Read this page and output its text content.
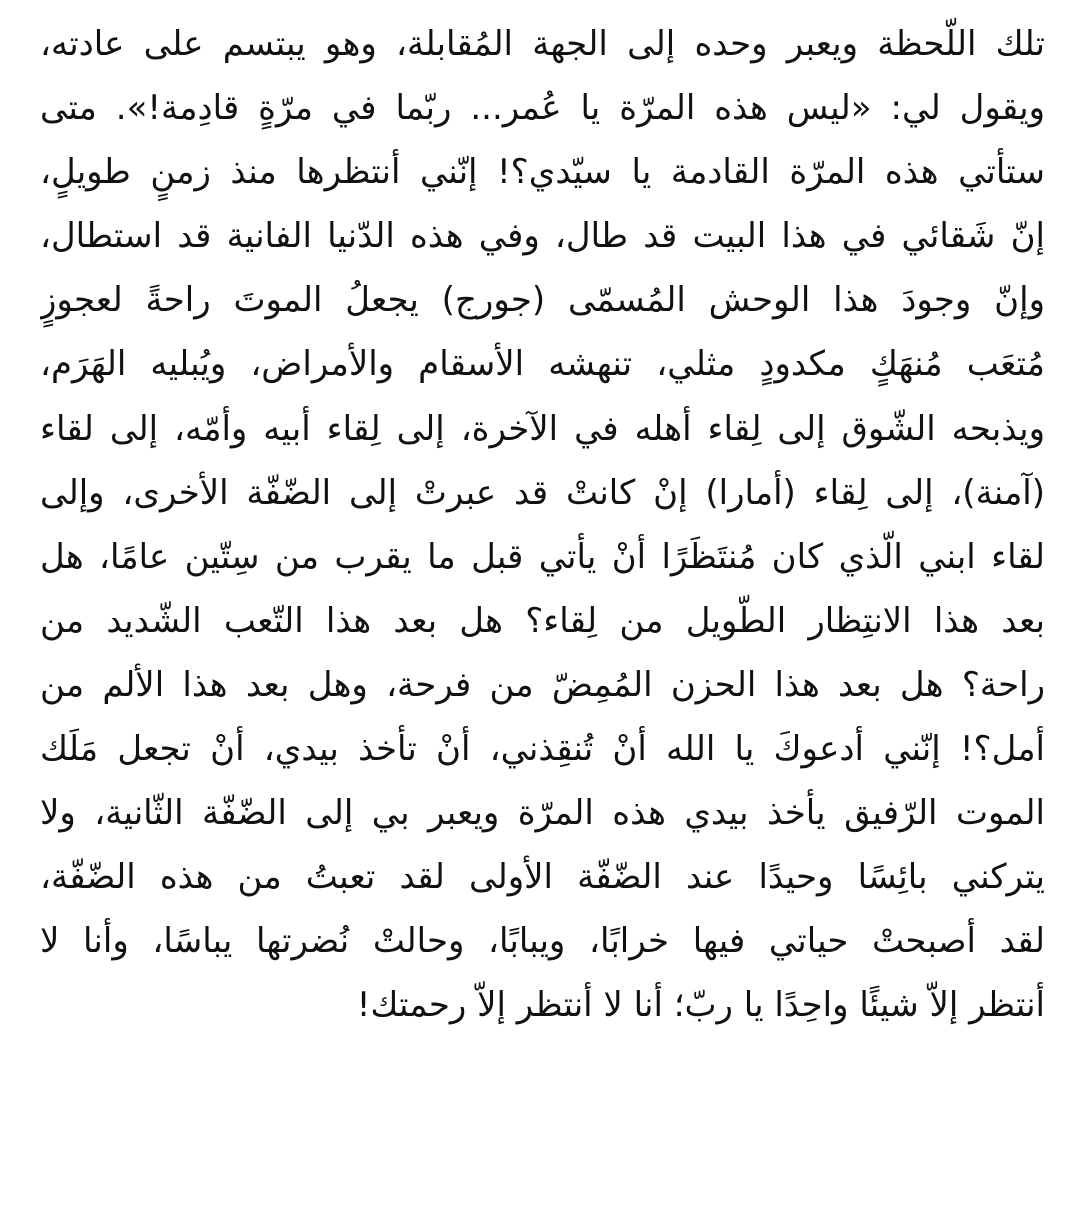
تلك اللّحظة ويعبر وحده إلى الجهة المُقابلة، وهو يبتسم على عادته،
ويقول لي: «ليس هذه المرّة يا عُمر... ربّما في مرّةٍ قادِمة!». متى
ستأتي هذه المرّة القادمة يا سيّدي؟! إنّني أنتظرها منذ زمنٍ طويلٍ،
إنّ شَقائي في هذا البيت قد طال، وفي هذه الدّنيا الفانية قد استطال،
وإنّ وجودَ هذا الوحش المُسمّى (جورج) يجعلُ الموتَ راحةً لعجوزٍ
مُتعَب مُنهَكٍ مكدودٍ مثلي، تنهشه الأسقام والأمراض، ويُبليه الهَرَم،
ويذبحه الشّوق إلى لِقاء أهله في الآخرة، إلى لِقاء أبيه وأمّه، إلى لقاء
(آمنة)، إلى لِقاء (أمارا) إنْ كانتْ قد عبرتْ إلى الضّفّة الأخرى، وإلى
لقاء ابني الّذي كان مُنتَظَرًا أنْ يأتي قبل ما يقرب من سِتّين عامًا، هل
بعد هذا الانتِظار الطّويل من لِقاء؟ هل بعد هذا التّعب الشّديد من
راحة؟ هل بعد هذا الحزن المُمِضّ من فرحة، وهل بعد هذا الألم من
أمل؟! إنّني أدعوكَ يا الله أنْ تُنقِذني، أنْ تأخذ بيدي، أنْ تجعل مَلَك
الموت الرّفيق يأخذ بيدي هذه المرّة ويعبر بي إلى الضّفّة الثّانية، ولا
يتركني بائِسًا وحيدًا عند الضّفّة الأولى لقد تعبتُ من هذه الضّفّة،
لقد أصبحتْ حياتي فيها خرابًا، ويبابًا، وحالتْ نُضرتها يباسًا، وأنا لا
أنتظر إلاّ شيئًا واحِدًا يا ربّ؛ أنا لا أنتظر إلاّ رحمتك!
